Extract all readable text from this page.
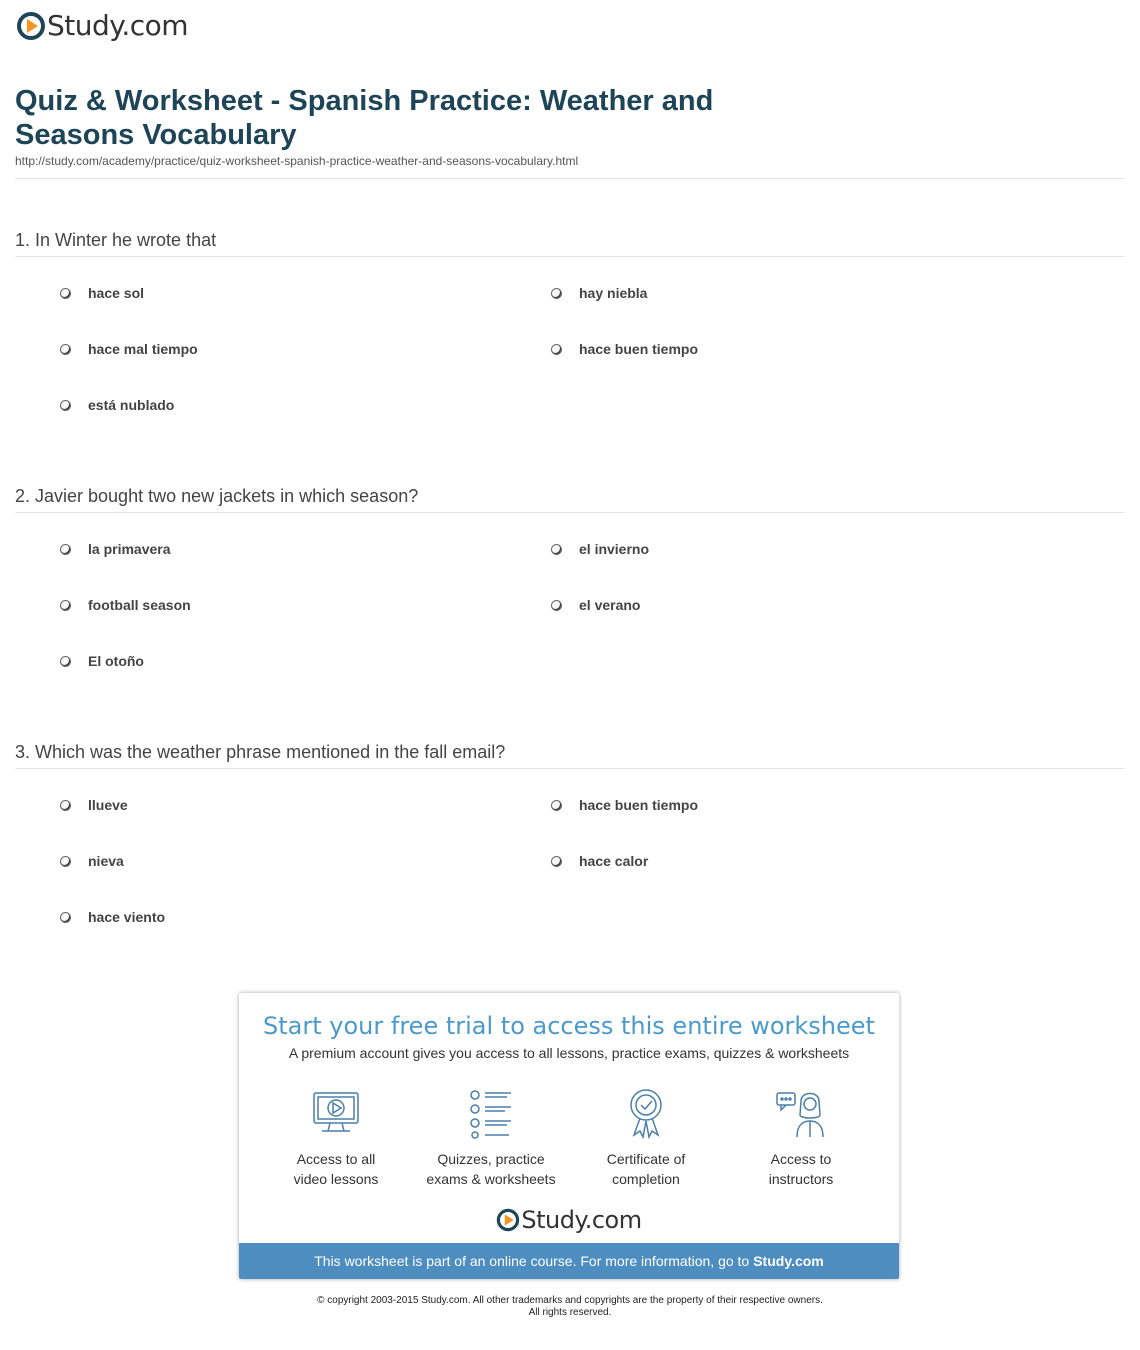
Study.com
Quiz & Worksheet - Spanish Practice: Weather and Seasons Vocabulary
http://study.com/academy/practice/quiz-worksheet-spanish-practice-weather-and-seasons-vocabulary.html
1. In Winter he wrote that
hace sol	hay niebla
hace mal tiempo	hace buen tiempo
está nublado
2. Javier bought two new jackets in which season?
la primavera	el invierno
football season	el verano
El otoño
3. Which was the weather phrase mentioned in the fall email?
llueve	hace buen tiempo
nieva	hace calor
hace viento
Start your free trial to access this entire worksheet
A premium account gives you access to all lessons, practice exams, quizzes & worksheets
Access to all
video lessons
Quizzes, practice
exams & worksheets
Certificate of
completion
Access to
instructors
Study.com
This worksheet is part of an online course. For more information, go to Study.com
© copyright 2003-2015 Study.com. All other trademarks and copyrights are the property of their respective owners.
All rights reserved.
